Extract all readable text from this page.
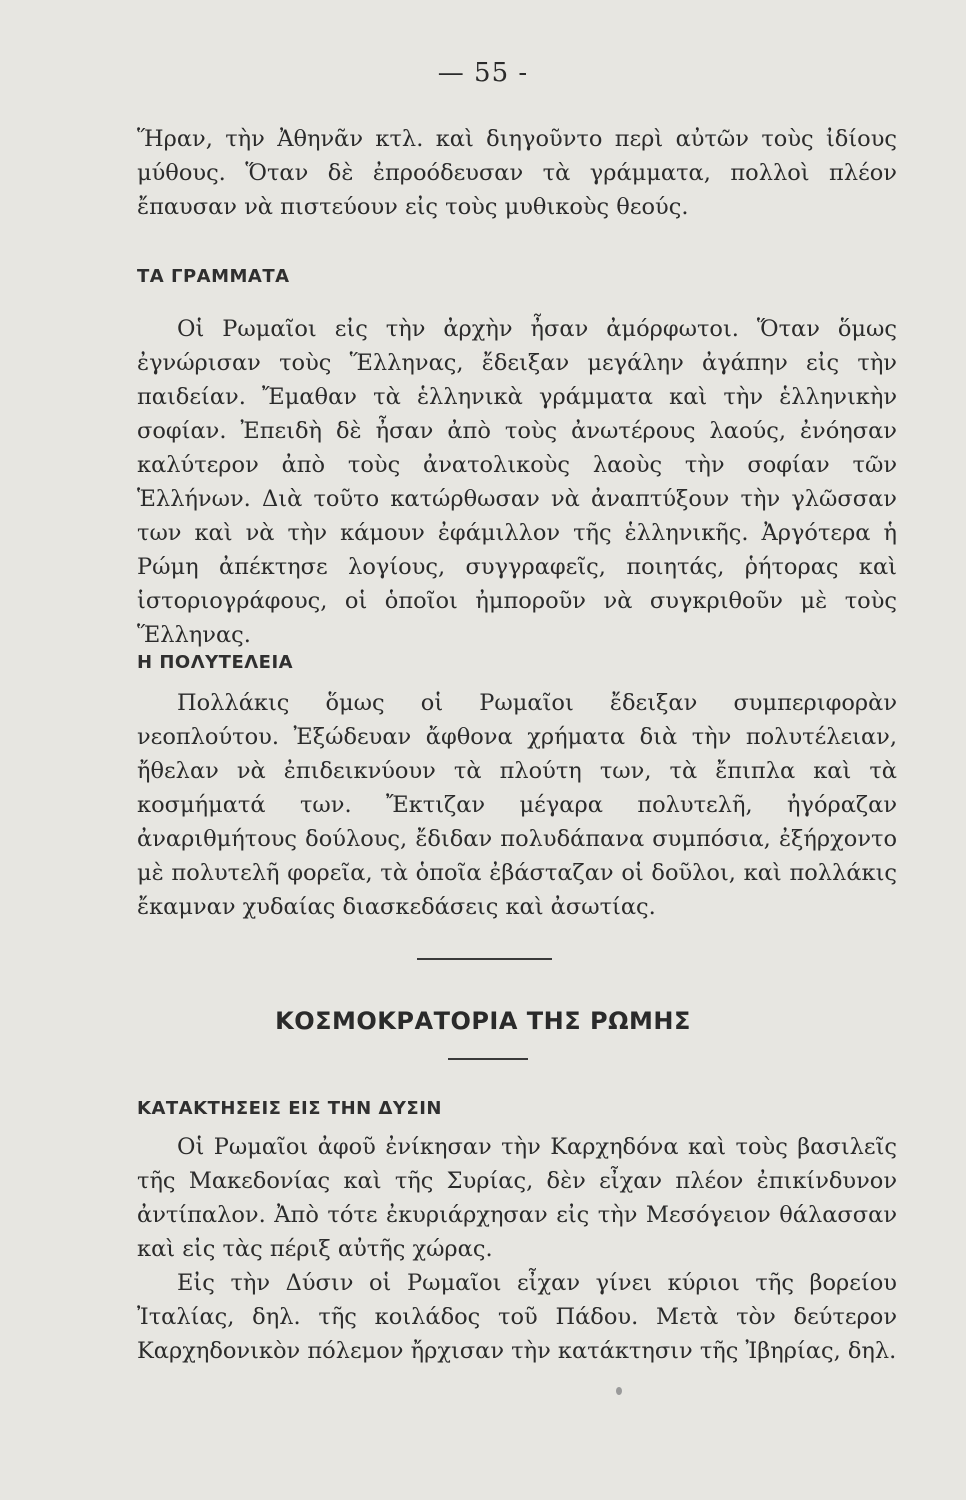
— 55 -

Ἥραν, τὴν Ἀθηνᾶν κτλ. καὶ διηγοῦντο περὶ αὐτῶν τοὺς ἰδίους μύθους. Ὅταν δὲ ἐπροόδευσαν τὰ γράμματα, πολλοὶ πλέον ἔπαυσαν νὰ πιστεύουν εἰς τοὺς μυθικοὺς θεούς.

ΤΑ ΓΡΑΜΜΑΤΑ

Οἱ Ρωμαῖοι εἰς τὴν ἀρχὴν ἦσαν ἀμόρφωτοι. Ὅταν ὅμως ἐγνώρισαν τοὺς Ἕλληνας, ἔδειξαν μεγάλην ἀγάπην εἰς τὴν παιδείαν. Ἔμαθαν τὰ ἑλληνικὰ γράμματα καὶ τὴν ἑλληνικὴν σοφίαν. Ἐπειδὴ δὲ ἦσαν ἀπὸ τοὺς ἀνωτέρους λαούς, ἐνόησαν καλύτερον ἀπὸ τοὺς ἀνατολικοὺς λαοὺς τὴν σοφίαν τῶν Ἑλλήνων. Διὰ τοῦτο κατώρθωσαν νὰ ἀναπτύξουν τὴν γλῶσσαν των καὶ νὰ τὴν κάμουν ἐφάμιλλον τῆς ἑλληνικῆς. Ἀργότερα ἡ Ρώμη ἀπέκτησε λογίους, συγγραφεῖς, ποιητάς, ῥήτορας καὶ ἱστοριογράφους, οἱ ὁποῖοι ἠμποροῦν νὰ συγκριθοῦν μὲ τοὺς Ἕλληνας.

Η ΠΟΛΥΤΕΛΕΙΑ

Πολλάκις ὅμως οἱ Ρωμαῖοι ἔδειξαν συμπεριφορὰν νεοπλούτου. Ἐξώδευαν ἄφθονα χρήματα διὰ τὴν πολυτέλειαν, ἤθελαν νὰ ἐπιδεικνύουν τὰ πλούτη των, τὰ ἔπιπλα καὶ τὰ κοσμήματά των. Ἔκτιζαν μέγαρα πολυτελῆ, ἠγόραζαν ἀναριθμήτους δούλους, ἔδιδαν πολυδάπανα συμπόσια, ἐξήρχοντο μὲ πολυτελῆ φορεῖα, τὰ ὁποῖα ἐβάσταζαν οἱ δοῦλοι, καὶ πολλάκις ἔκαμναν χυδαίας διασκεδάσεις καὶ ἀσωτίας.

ΚΟΣΜΟΚΡΑΤΟΡΙΑ ΤΗΣ ΡΩΜΗΣ
ΚΑΤΑΚΤΗΣΕΙΣ ΕΙΣ ΤΗΝ ΔΥΣΙΝ

Οἱ Ρωμαῖοι ἀφοῦ ἐνίκησαν τὴν Καρχηδόνα καὶ τοὺς βασιλεῖς τῆς Μακεδονίας καὶ τῆς Συρίας, δὲν εἶχαν πλέον ἐπικίνδυνον ἀντίπαλον. Ἀπὸ τότε ἐκυριάρχησαν εἰς τὴν Μεσόγειον θάλασσαν καὶ εἰς τὰς πέριξ αὐτῆς χώρας.

Εἰς τὴν Δύσιν οἱ Ρωμαῖοι εἶχαν γίνει κύριοι τῆς βορείου Ἰταλίας, δηλ. τῆς κοιλάδος τοῦ Πάδου. Μετὰ τὸν δεύτερον Καρχηδονικὸν πόλεμον ἤρχισαν τὴν κατάκτησιν τῆς Ἰβηρίας, δηλ.
